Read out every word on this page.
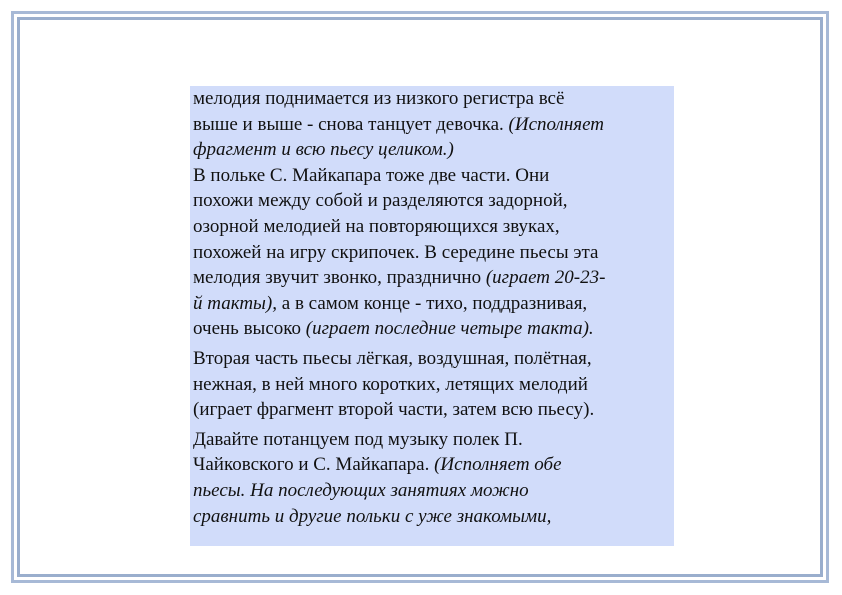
мелодия поднимается из низкого регистра всё
выше и выше - снова танцует девочка. (Исполняет
фрагмент и всю пьесу целиком.)
В польке С. Майкапара тоже две части. Они
похожи между собой и разделяются задорной,
озорной мелодией на повторяющихся звуках,
похожей на игру скрипочек. В середине пьесы эта
мелодия звучит звонко, празднично (играет 20-23-
й такты), а в самом конце - тихо, поддразнивая,
очень высоко (играет последние четыре такта).
Вторая часть пьесы лёгкая, воздушная, полётная,
нежная, в ней много коротких, летящих мелодий
(играет фрагмент второй части, затем всю пьесу).
Давайте потанцуем под музыку полек П.
Чайковского и С. Майкапара. (Исполняет обе
пьесы. На последующих занятиях можно
сравнить и другие польки с уже знакомыми,
